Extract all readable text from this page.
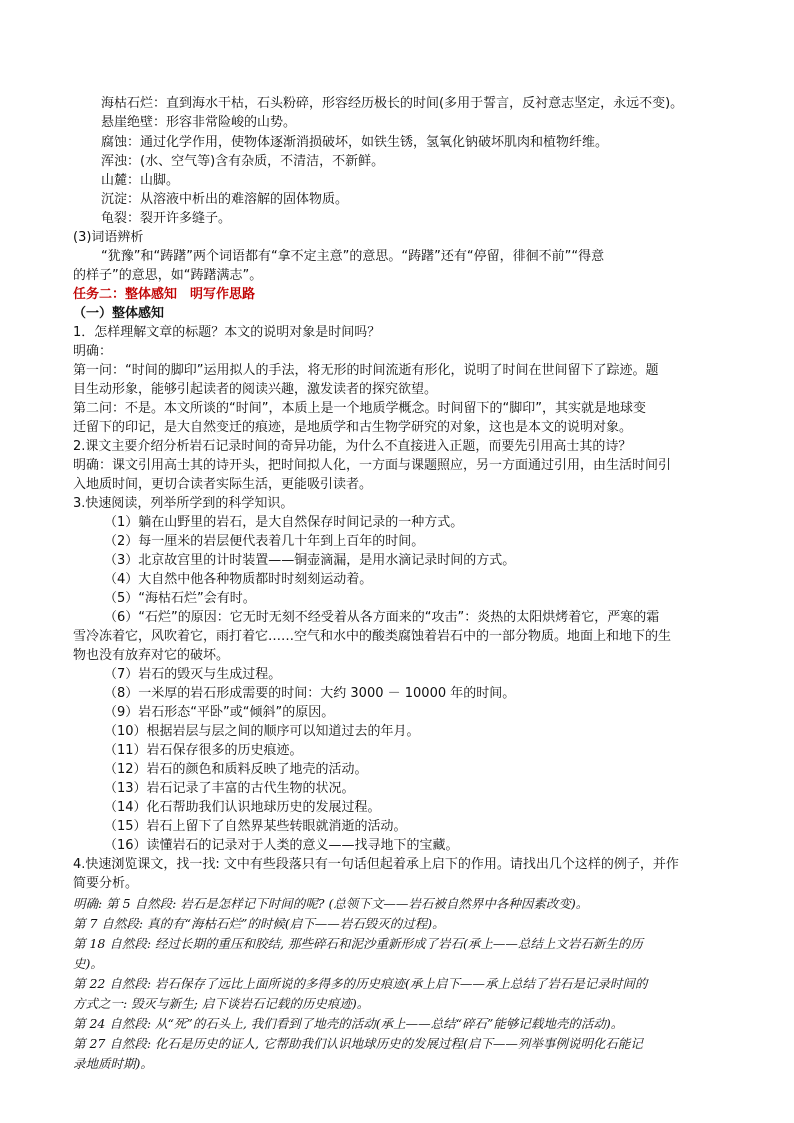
海枯石烂：直到海水干枯，石头粉碎，形容经历极长的时间(多用于誓言，反衬意志坚定，永远不变)。
悬崖绝壁：形容非常险峻的山势。
腐蚀：通过化学作用，使物体逐渐消损破坏，如铁生锈，氢氧化钠破坏肌肉和植物纤维。
浑浊：(水、空气等)含有杂质，不清洁，不新鲜。
山麓：山脚。
沉淀：从溶液中析出的难溶解的固体物质。
龟裂：裂开许多缝子。
(3)词语辨析
“犹豫”和“踌躇”两个词语都有“拿不定主意”的意思。“踌躇”还有“停留，徘徊不前”“得意
的样子”的意思，如“踌躇满志”。
任务二：整体感知　明写作思路
（一）整体感知
1．怎样理解文章的标题？本文的说明对象是时间吗？
明确：
第一问：“时间的脚印”运用拟人的手法，将无形的时间流逝有形化，说明了时间在世间留下了踪迹。题
目生动形象，能够引起读者的阅读兴趣，激发读者的探究欲望。
第二问：不是。本文所谈的“时间”，本质上是一个地质学概念。时间留下的“脚印”，其实就是地球变
迁留下的印记，是大自然变迁的痕迹，是地质学和古生物学研究的对象，这也是本文的说明对象。
2.课文主要介绍分析岩石记录时间的奇异功能，为什么不直接进入正题，而要先引用高士其的诗？
明确：课文引用高士其的诗开头，把时间拟人化，一方面与课题照应，另一方面通过引用，由生活时间引
入地质时间，更切合读者实际生活，更能吸引读者。
3.快速阅读，列举所学到的科学知识。
（1）躺在山野里的岩石，是大自然保存时间记录的一种方式。
（2）每一厘米的岩层便代表着几十年到上百年的时间。
（3）北京故宫里的计时装置——铜壶滴漏，是用水滴记录时间的方式。
（4）大自然中他各种物质都时时刻刻运动着。
（5）“海枯石烂”会有时。
（6）“石烂”的原因：它无时无刻不经受着从各方面来的“攻击”：炎热的太阳烘烤着它，严寒的霜
雪冷冻着它，风吹着它，雨打着它……空气和水中的酸类腐蚀着岩石中的一部分物质。地面上和地下的生
物也没有放弃对它的破坏。
（7）岩石的毁灭与生成过程。
（8）一米厚的岩石形成需要的时间：大约 3000 － 10000 年的时间。
（9）岩石形态“平卧”或“倾斜”的原因。
（10）根据岩层与层之间的顺序可以知道过去的年月。
（11）岩石保存很多的历史痕迹。
（12）岩石的颜色和质料反映了地壳的活动。
（13）岩石记录了丰富的古代生物的状况。
（14）化石帮助我们认识地球历史的发展过程。
（15）岩石上留下了自然界某些转眼就消逝的活动。
（16）读懂岩石的记录对于人类的意义——找寻地下的宝藏。
4.快速浏览课文，找一找: 文中有些段落只有一句话但起着承上启下的作用。请找出几个这样的例子，并作
简要分析。
明确: 第 5 自然段: 岩石是怎样记下时间的呢? (总领下文——岩石被自然界中各种因素改变)。
第 7 自然段: 真的有“海枯石烂”的时候(启下——岩石毁灭的过程)。
第 18 自然段: 经过长期的重压和胶结, 那些碎石和泥沙重新形成了岩石(承上——总结上文岩石新生的历
史)。
第 22 自然段: 岩石保存了远比上面所说的多得多的历史痕迹(承上启下——承上总结了岩石是记录时间的
方式之一: 毁灭与新生; 启下谈岩石记载的历史痕迹)。
第 24 自然段: 从“死”的石头上, 我们看到了地壳的活动(承上——总结“碎石”能够记载地壳的活动)。
第 27 自然段: 化石是历史的证人, 它帮助我们认识地球历史的发展过程(启下——列举事例说明化石能记
录地质时期)。
